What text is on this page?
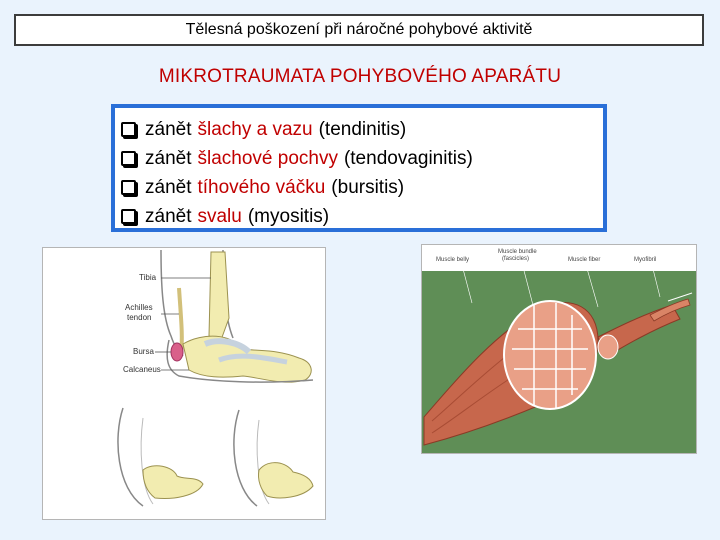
Tělesná poškození při náročné pohybové aktivitě
MIKROTRAUMATA POHYBOVÉHO APARÁTU
zánět šlachy a vazu (tendinitis)
zánět šlachové pochvy (tendovaginitis)
zánět tíhového váčku (bursitis)
zánět svalu (myositis)
Tibia
Achilles
tendon
Bursa
Calcaneus
Muscle belly
Muscle bundle
(fascicles)	Muscle fiber	Myofibril
